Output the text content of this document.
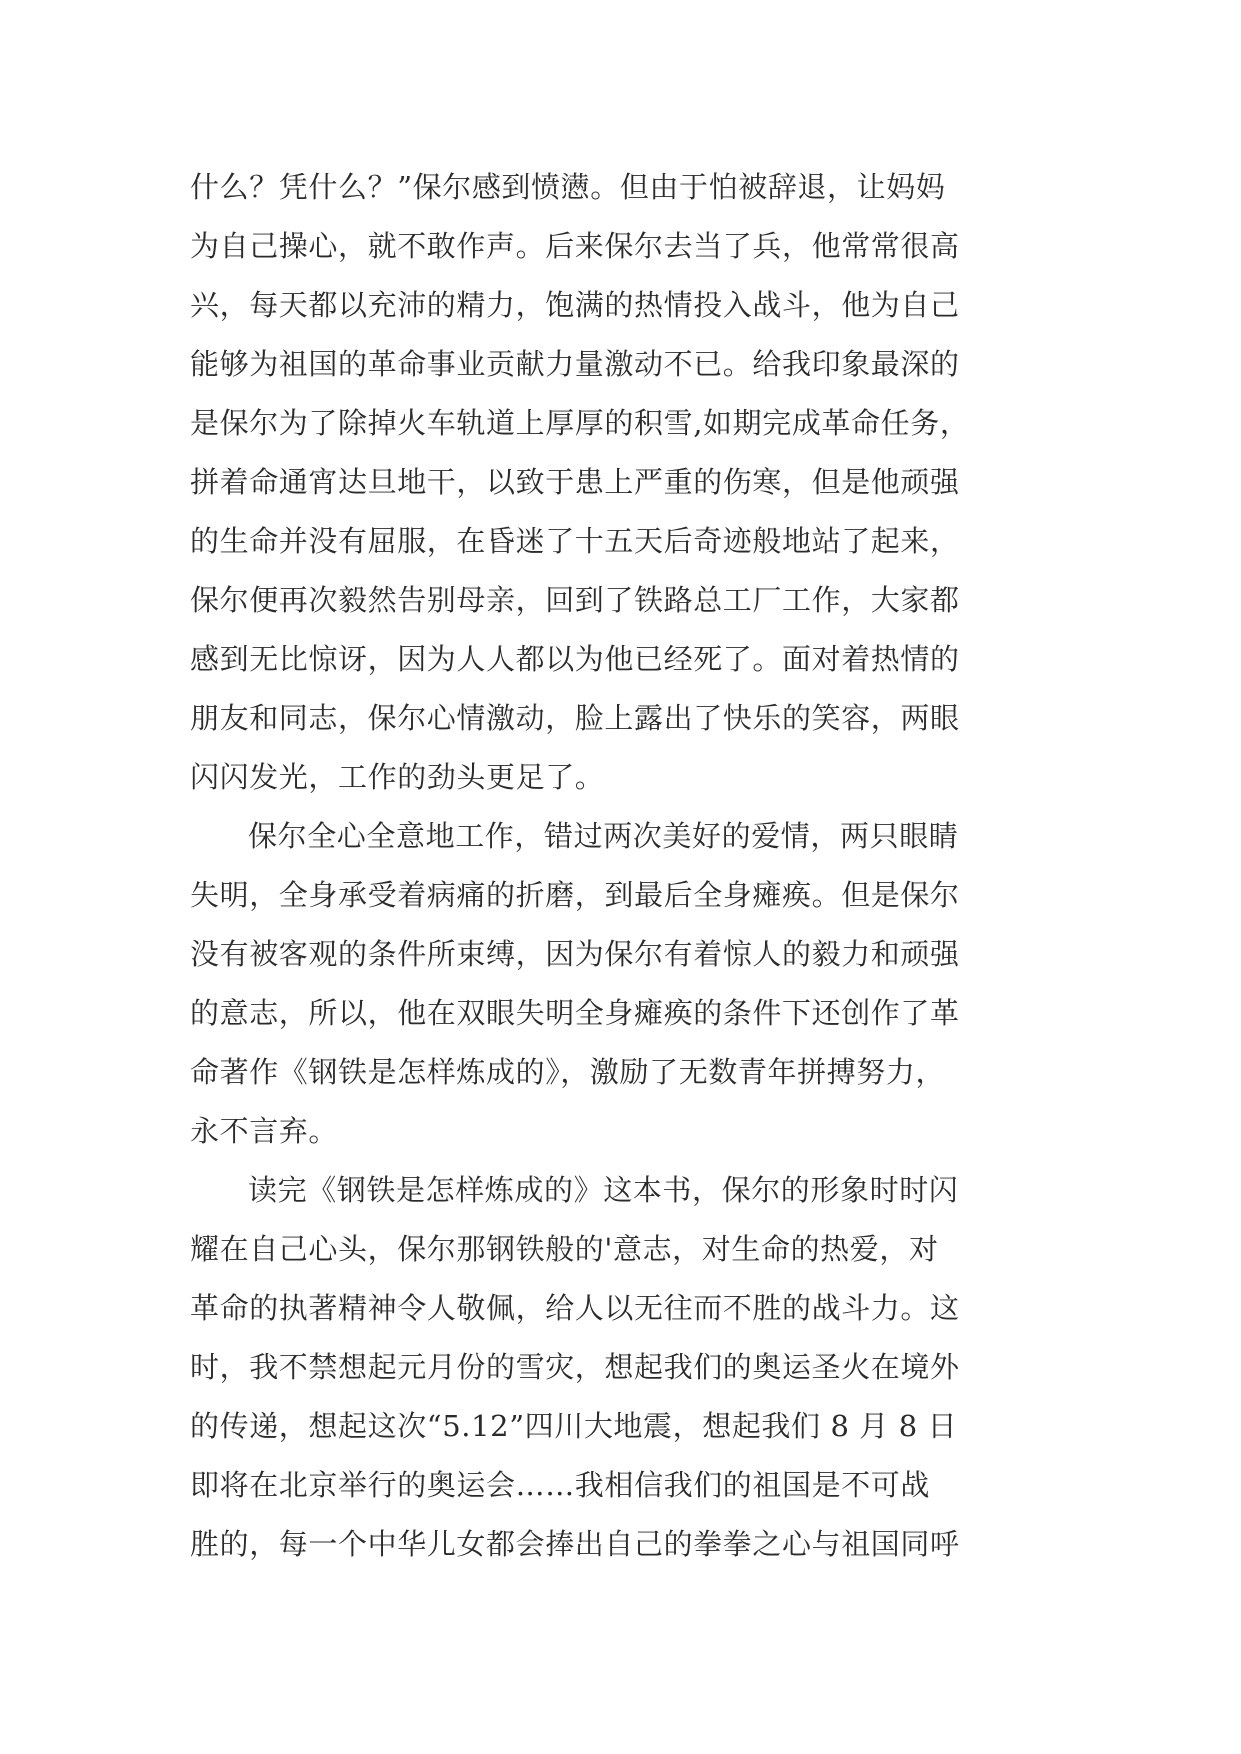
什么？凭什么？”保尔感到愤懑。但由于怕被辞退，让妈妈
为自己操心，就不敢作声。后来保尔去当了兵，他常常很高
兴，每天都以充沛的精力，饱满的热情投入战斗，他为自己
能够为祖国的革命事业贡献力量激动不已。给我印象最深的
是保尔为了除掉火车轨道上厚厚的积雪,如期完成革命任务，
拼着命通宵达旦地干，以致于患上严重的伤寒，但是他顽强
的生命并没有屈服，在昏迷了十五天后奇迹般地站了起来，
保尔便再次毅然告别母亲，回到了铁路总工厂工作，大家都
感到无比惊讶，因为人人都以为他已经死了。面对着热情的
朋友和同志，保尔心情激动，脸上露出了快乐的笑容，两眼
闪闪发光，工作的劲头更足了。
保尔全心全意地工作，错过两次美好的爱情，两只眼睛
失明，全身承受着病痛的折磨，到最后全身瘫痪。但是保尔
没有被客观的条件所束缚，因为保尔有着惊人的毅力和顽强
的意志，所以，他在双眼失明全身瘫痪的条件下还创作了革
命著作《钢铁是怎样炼成的》，激励了无数青年拼搏努力，
永不言弃。
读完《钢铁是怎样炼成的》这本书，保尔的形象时时闪
耀在自己心头，保尔那钢铁般的'意志，对生命的热爱，对
革命的执著精神令人敬佩，给人以无往而不胜的战斗力。这
时，我不禁想起元月份的雪灾，想起我们的奥运圣火在境外
的传递，想起这次“5.12”四川大地震，想起我们 8 月 8 日
即将在北京举行的奥运会……我相信我们的祖国是不可战
胜的，每一个中华儿女都会捧出自己的拳拳之心与祖国同呼
